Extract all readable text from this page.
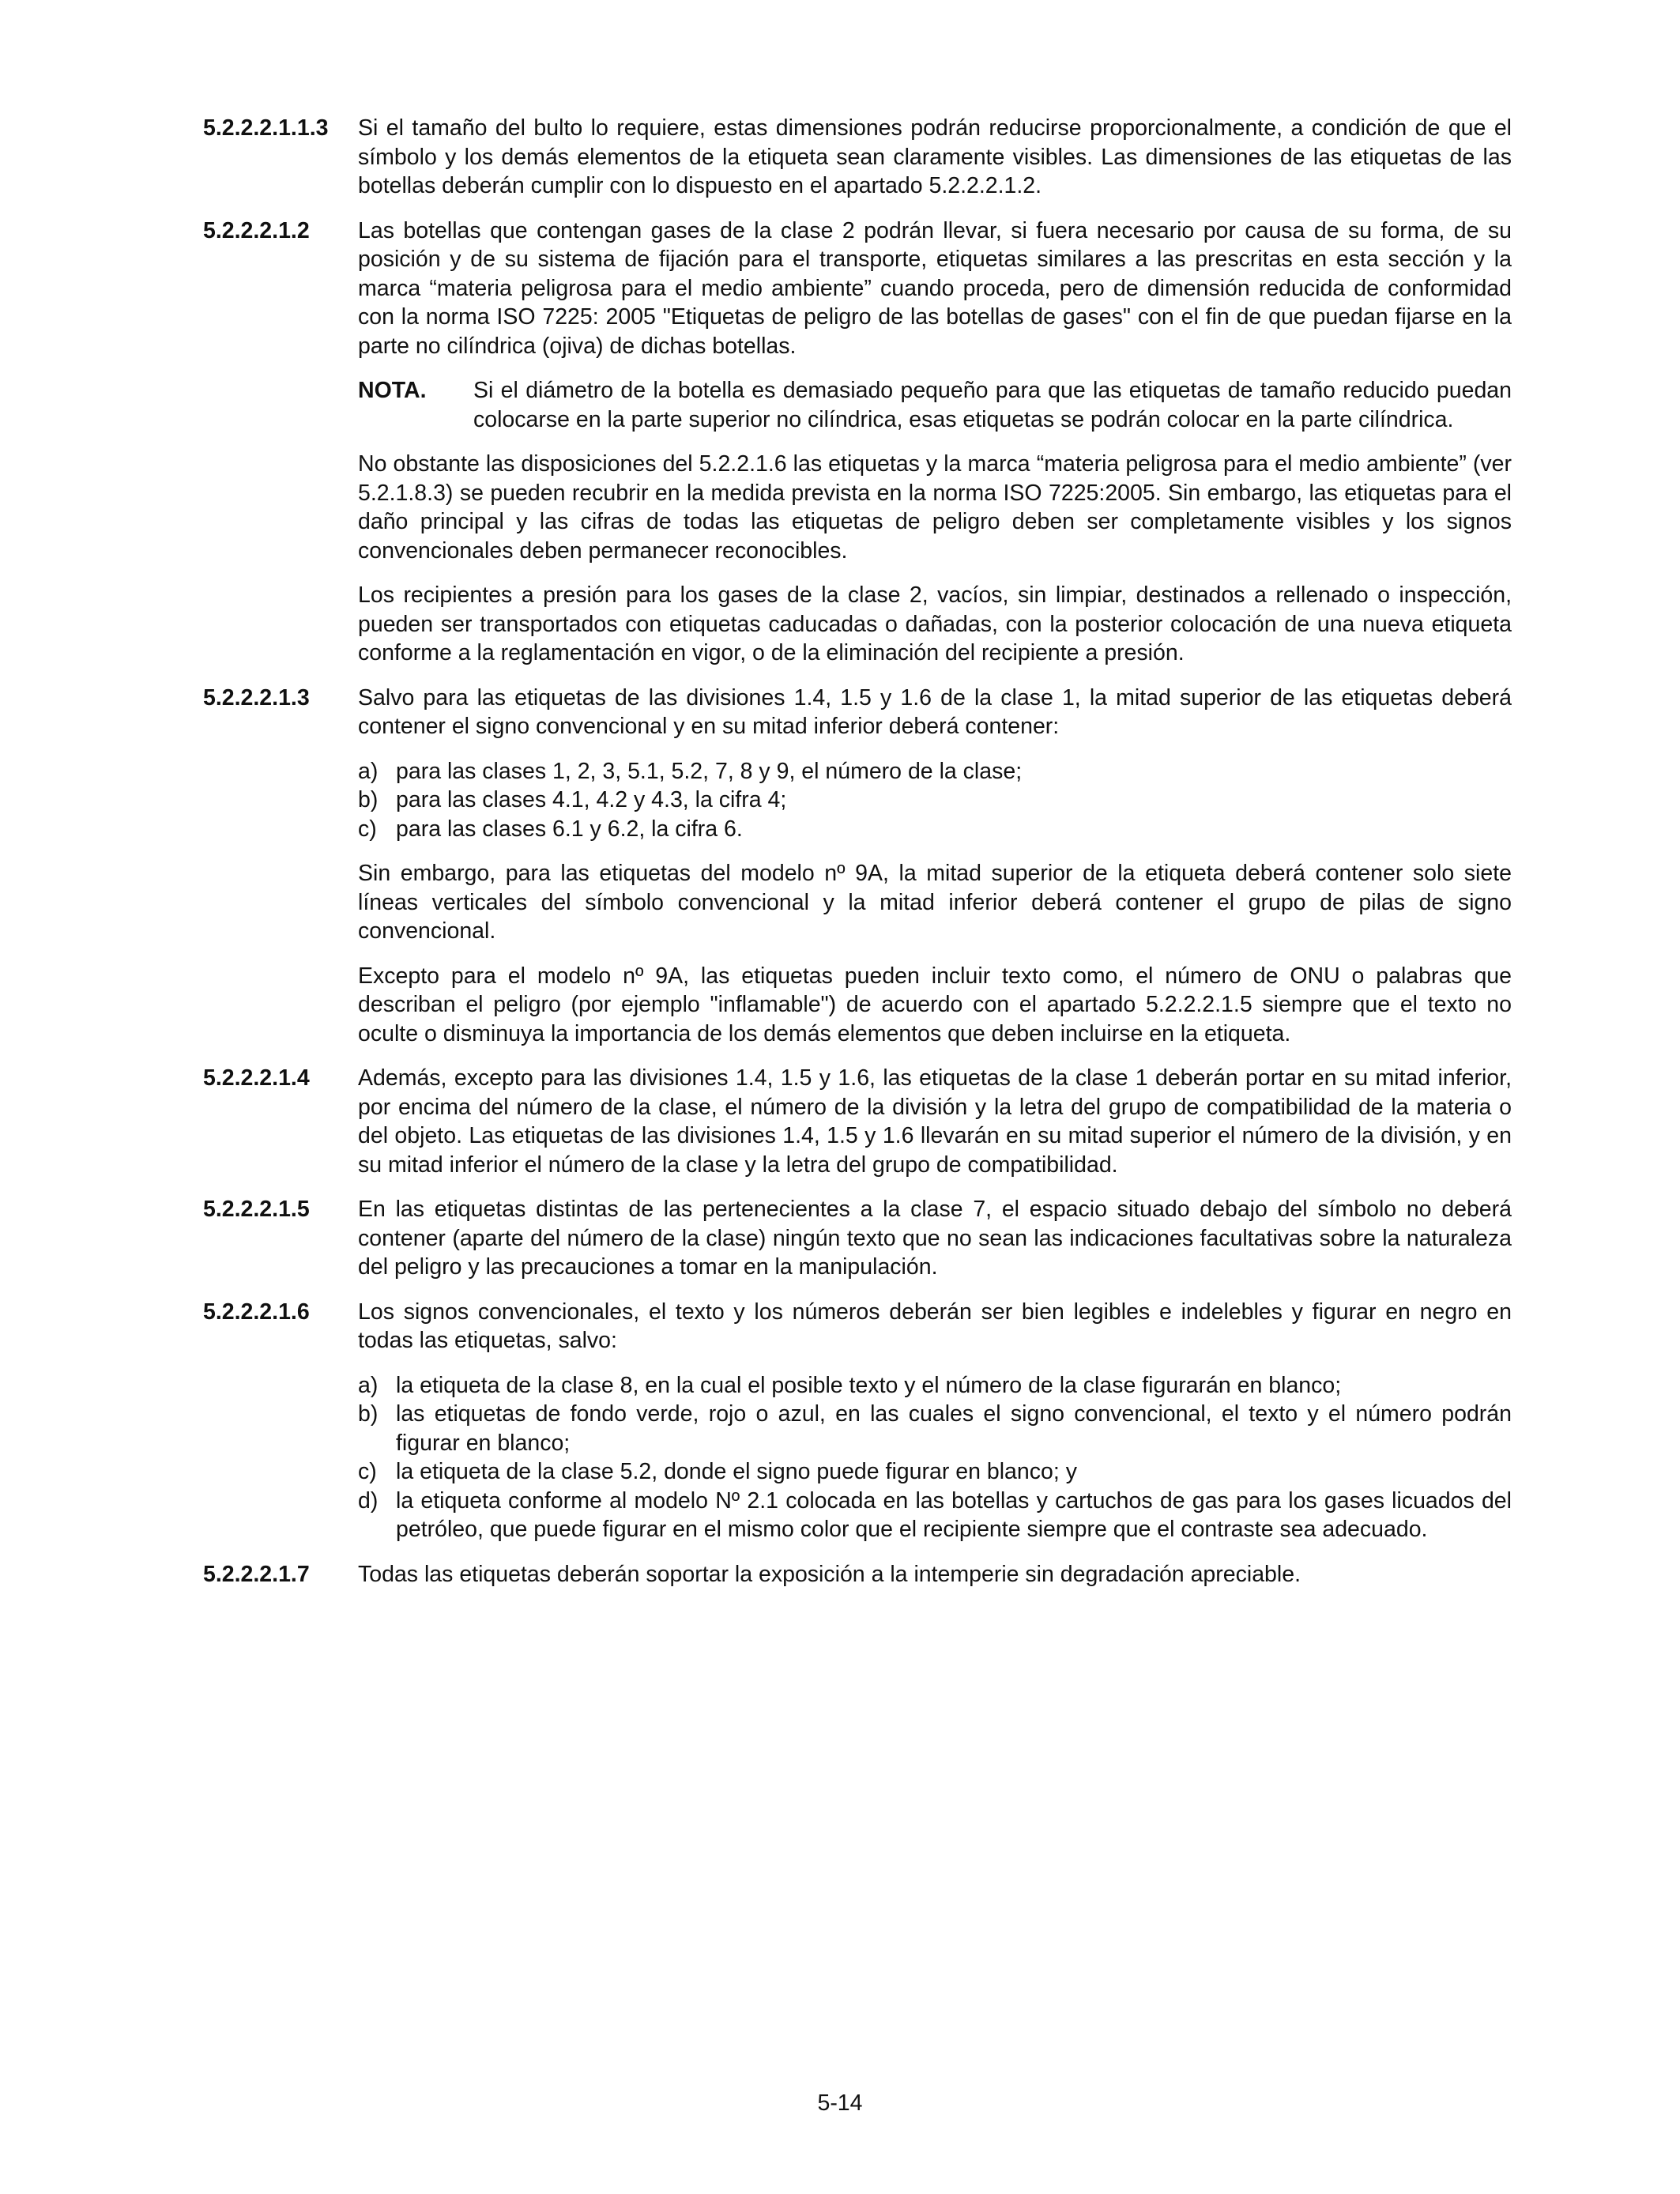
5.2.2.2.1.1.3	Si el tamaño del bulto lo requiere, estas dimensiones podrán reducirse proporcionalmente, a condición de que el símbolo y los demás elementos de la etiqueta sean claramente visibles. Las dimensiones de las etiquetas de las botellas deberán cumplir con lo dispuesto en el apartado 5.2.2.2.1.2.
5.2.2.2.1.2	Las botellas que contengan gases de la clase 2 podrán llevar, si fuera necesario por causa de su forma, de su posición y de su sistema de fijación para el transporte, etiquetas similares a las prescritas en esta sección y la marca “materia peligrosa para el medio ambiente” cuando proceda, pero de dimensión reducida de conformidad con la norma ISO 7225: 2005 "Etiquetas de peligro de las botellas de gases" con el fin de que puedan fijarse en la parte no cilíndrica (ojiva) de dichas botellas.
NOTA.	Si el diámetro de la botella es demasiado pequeño para que las etiquetas de tamaño reducido puedan colocarse en la parte superior no cilíndrica, esas etiquetas se podrán colocar en la parte cilíndrica.
No obstante las disposiciones del 5.2.2.1.6 las etiquetas y la marca “materia peligrosa para el medio ambiente” (ver 5.2.1.8.3) se pueden recubrir en la medida prevista en la norma ISO 7225:2005. Sin embargo, las etiquetas para el daño principal y las cifras de todas las etiquetas de peligro deben ser completamente visibles y los signos convencionales deben permanecer reconocibles.
Los recipientes a presión para los gases de la clase 2, vacíos, sin limpiar, destinados a rellenado o inspección, pueden ser transportados con etiquetas caducadas o dañadas, con la posterior colocación de una nueva etiqueta conforme a la reglamentación en vigor, o de la eliminación del recipiente a presión.
5.2.2.2.1.3	Salvo para las etiquetas de las divisiones 1.4, 1.5 y 1.6 de la clase 1, la mitad superior de las etiquetas deberá contener el signo convencional y en su mitad inferior deberá contener:
a) para las clases 1, 2, 3, 5.1, 5.2, 7, 8 y 9, el número de la clase;
b) para las clases 4.1, 4.2 y 4.3, la cifra 4;
c) para las clases 6.1 y 6.2, la cifra 6.
Sin embargo, para las etiquetas del modelo nº 9A, la mitad superior de la etiqueta deberá contener solo siete líneas verticales del símbolo convencional y la mitad inferior deberá contener el grupo de pilas de signo convencional.
Excepto para el modelo nº 9A, las etiquetas pueden incluir texto como, el número de ONU o palabras que describan el peligro (por ejemplo "inflamable") de acuerdo con el apartado 5.2.2.2.1.5 siempre que el texto no oculte o disminuya la importancia de los demás elementos que deben incluirse en la etiqueta.
5.2.2.2.1.4	Además, excepto para las divisiones 1.4, 1.5 y 1.6, las etiquetas de la clase 1 deberán portar en su mitad inferior, por encima del número de la clase, el número de la división y la letra del grupo de compatibilidad de la materia o del objeto. Las etiquetas de las divisiones 1.4, 1.5 y 1.6 llevarán en su mitad superior el número de la división, y en su mitad inferior el número de la clase y la letra del grupo de compatibilidad.
5.2.2.2.1.5	En las etiquetas distintas de las pertenecientes a la clase 7, el espacio situado debajo del símbolo no deberá contener (aparte del número de la clase) ningún texto que no sean las indicaciones facultativas sobre la naturaleza del peligro y las precauciones a tomar en la manipulación.
5.2.2.2.1.6	Los signos convencionales, el texto y los números deberán ser bien legibles e indelebles y figurar en negro en todas las etiquetas, salvo:
a) la etiqueta de la clase 8, en la cual el posible texto y el número de la clase figurarán en blanco;
b) las etiquetas de fondo verde, rojo o azul, en las cuales el signo convencional, el texto y el número podrán figurar en blanco;
c) la etiqueta de la clase 5.2, donde el signo puede figurar en blanco; y
d) la etiqueta conforme al modelo Nº 2.1 colocada en las botellas y cartuchos de gas para los gases licuados del petróleo, que puede figurar en el mismo color que el recipiente siempre que el contraste sea adecuado.
5.2.2.2.1.7	Todas las etiquetas deberán soportar la exposición a la intemperie sin degradación apreciable.
5-14
